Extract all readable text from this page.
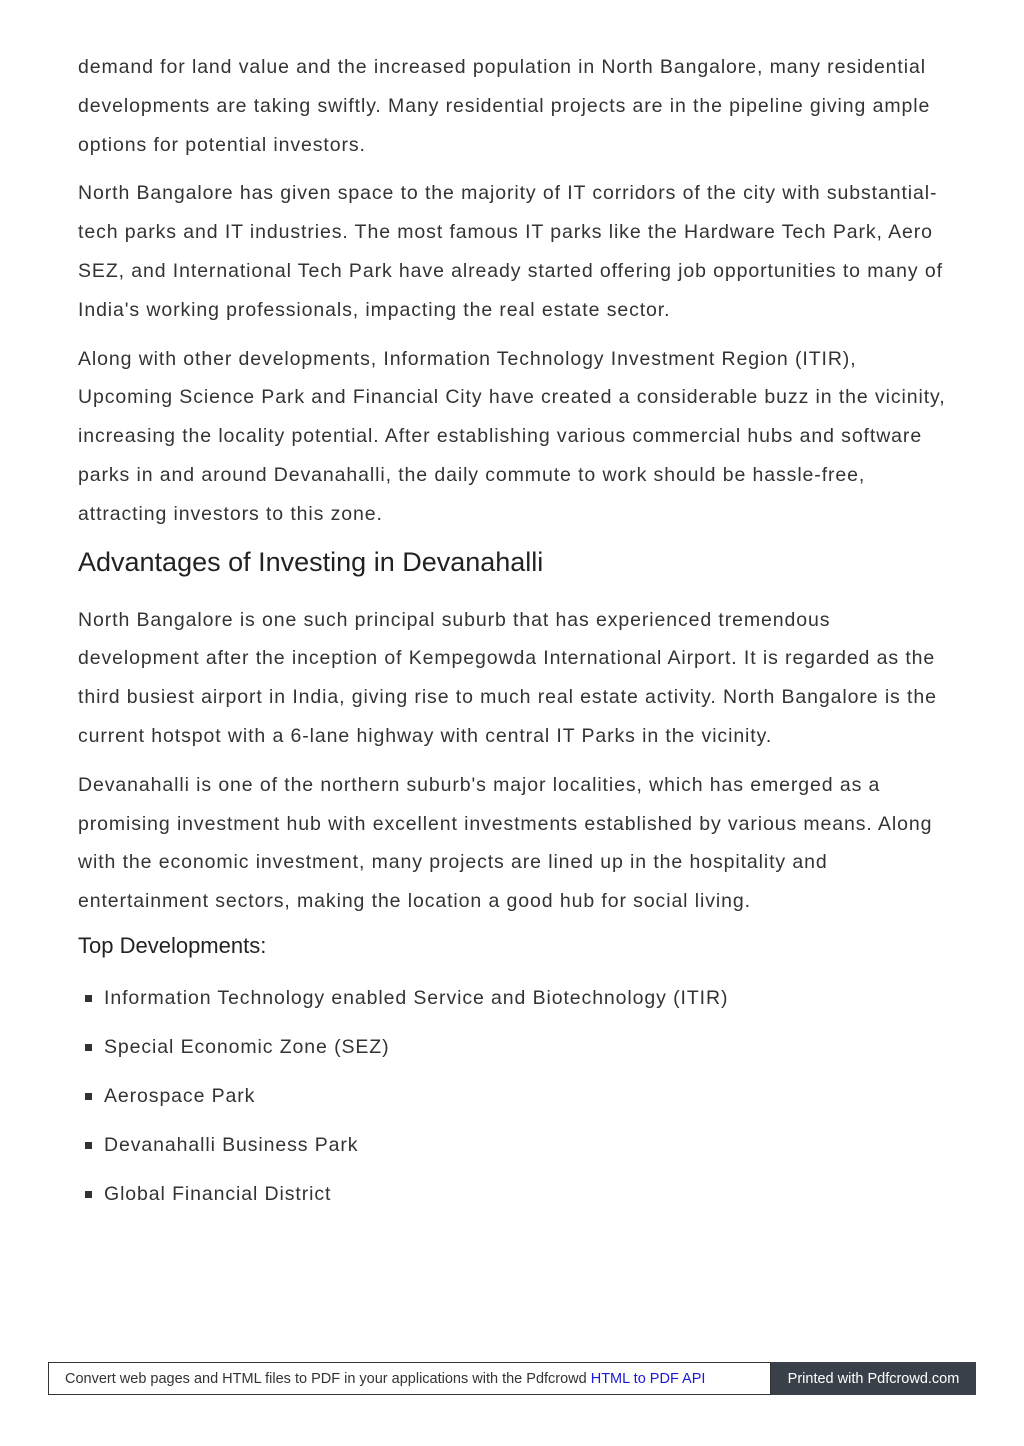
demand for land value and the increased population in North Bangalore, many residential developments are taking swiftly. Many residential projects are in the pipeline giving ample options for potential investors.

North Bangalore has given space to the majority of IT corridors of the city with substantial-tech parks and IT industries. The most famous IT parks like the Hardware Tech Park, Aero SEZ, and International Tech Park have already started offering job opportunities to many of India's working professionals, impacting the real estate sector.

Along with other developments, Information Technology Investment Region (ITIR), Upcoming Science Park and Financial City have created a considerable buzz in the vicinity, increasing the locality potential. After establishing various commercial hubs and software parks in and around Devanahalli, the daily commute to work should be hassle-free, attracting investors to this zone.

Advantages of Investing in Devanahalli

North Bangalore is one such principal suburb that has experienced tremendous development after the inception of Kempegowda International Airport. It is regarded as the third busiest airport in India, giving rise to much real estate activity. North Bangalore is the current hotspot with a 6-lane highway with central IT Parks in the vicinity.

Devanahalli is one of the northern suburb's major localities, which has emerged as a promising investment hub with excellent investments established by various means. Along with the economic investment, many projects are lined up in the hospitality and entertainment sectors, making the location a good hub for social living.

Top Developments:
Information Technology enabled Service and Biotechnology (ITIR)
Special Economic Zone (SEZ)
Aerospace Park
Devanahalli Business Park
Global Financial District
Convert web pages and HTML files to PDF in your applications with the Pdfcrowd HTML to PDF API	Printed with Pdfcrowd.com
